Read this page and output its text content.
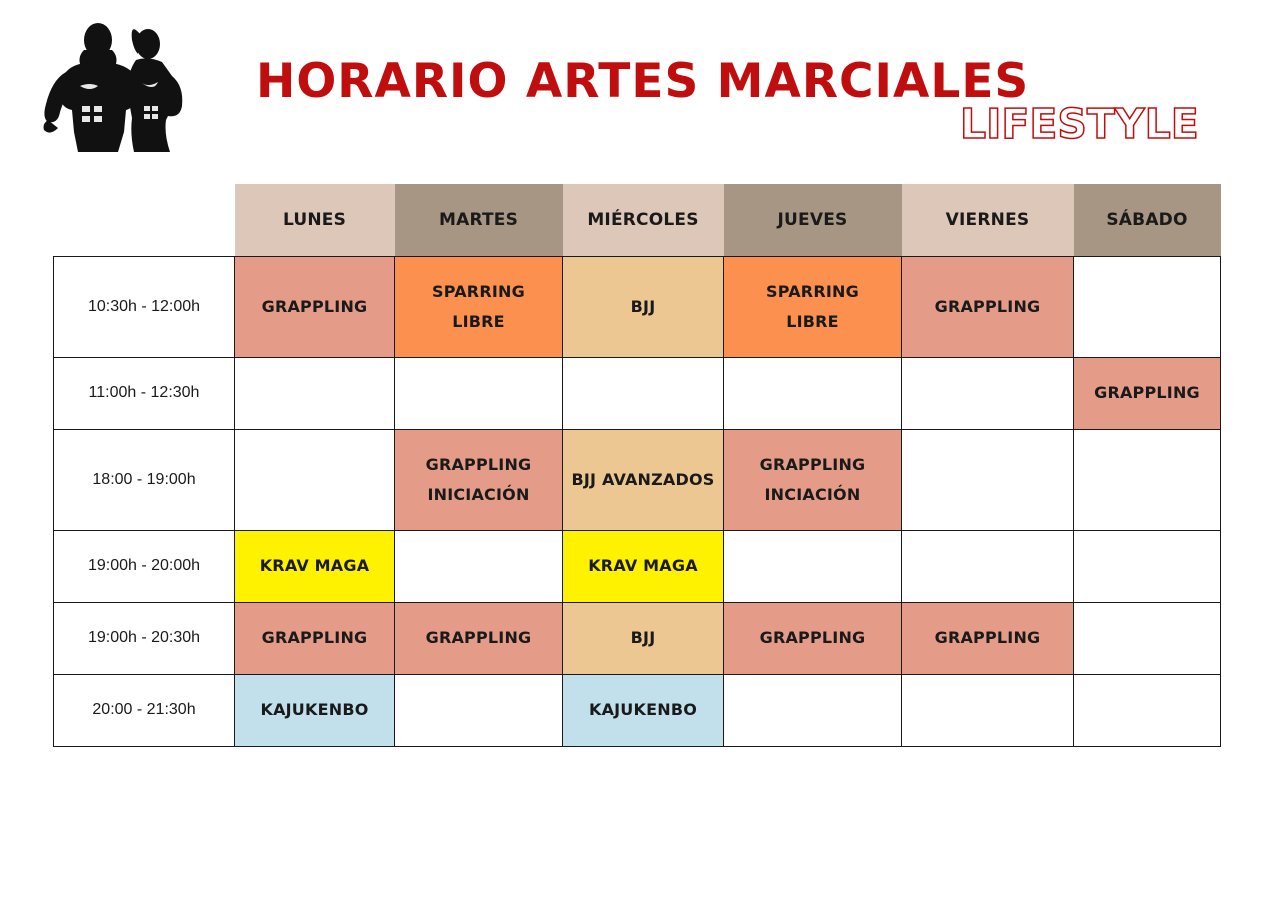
HORARIO ARTES MARCIALES
LIFESTYLE
	LUNES	MARTES	MIÉRCOLES	JUEVES	VIERNES	SÁBADO
10:30h - 12:00h	GRAPPLING	SPARRING LIBRE	BJJ	SPARRING LIBRE	GRAPPLING	
11:00h - 12:30h						GRAPPLING
18:00 - 19:00h		GRAPPLING INICIACIÓN	BJJ AVANZADOS	GRAPPLING INCIACIÓN		
19:00h - 20:00h	KRAV MAGA		KRAV MAGA			
19:00h - 20:30h	GRAPPLING	GRAPPLING	BJJ	GRAPPLING	GRAPPLING	
20:00 - 21:30h	KAJUKENBO		KAJUKENBO			
